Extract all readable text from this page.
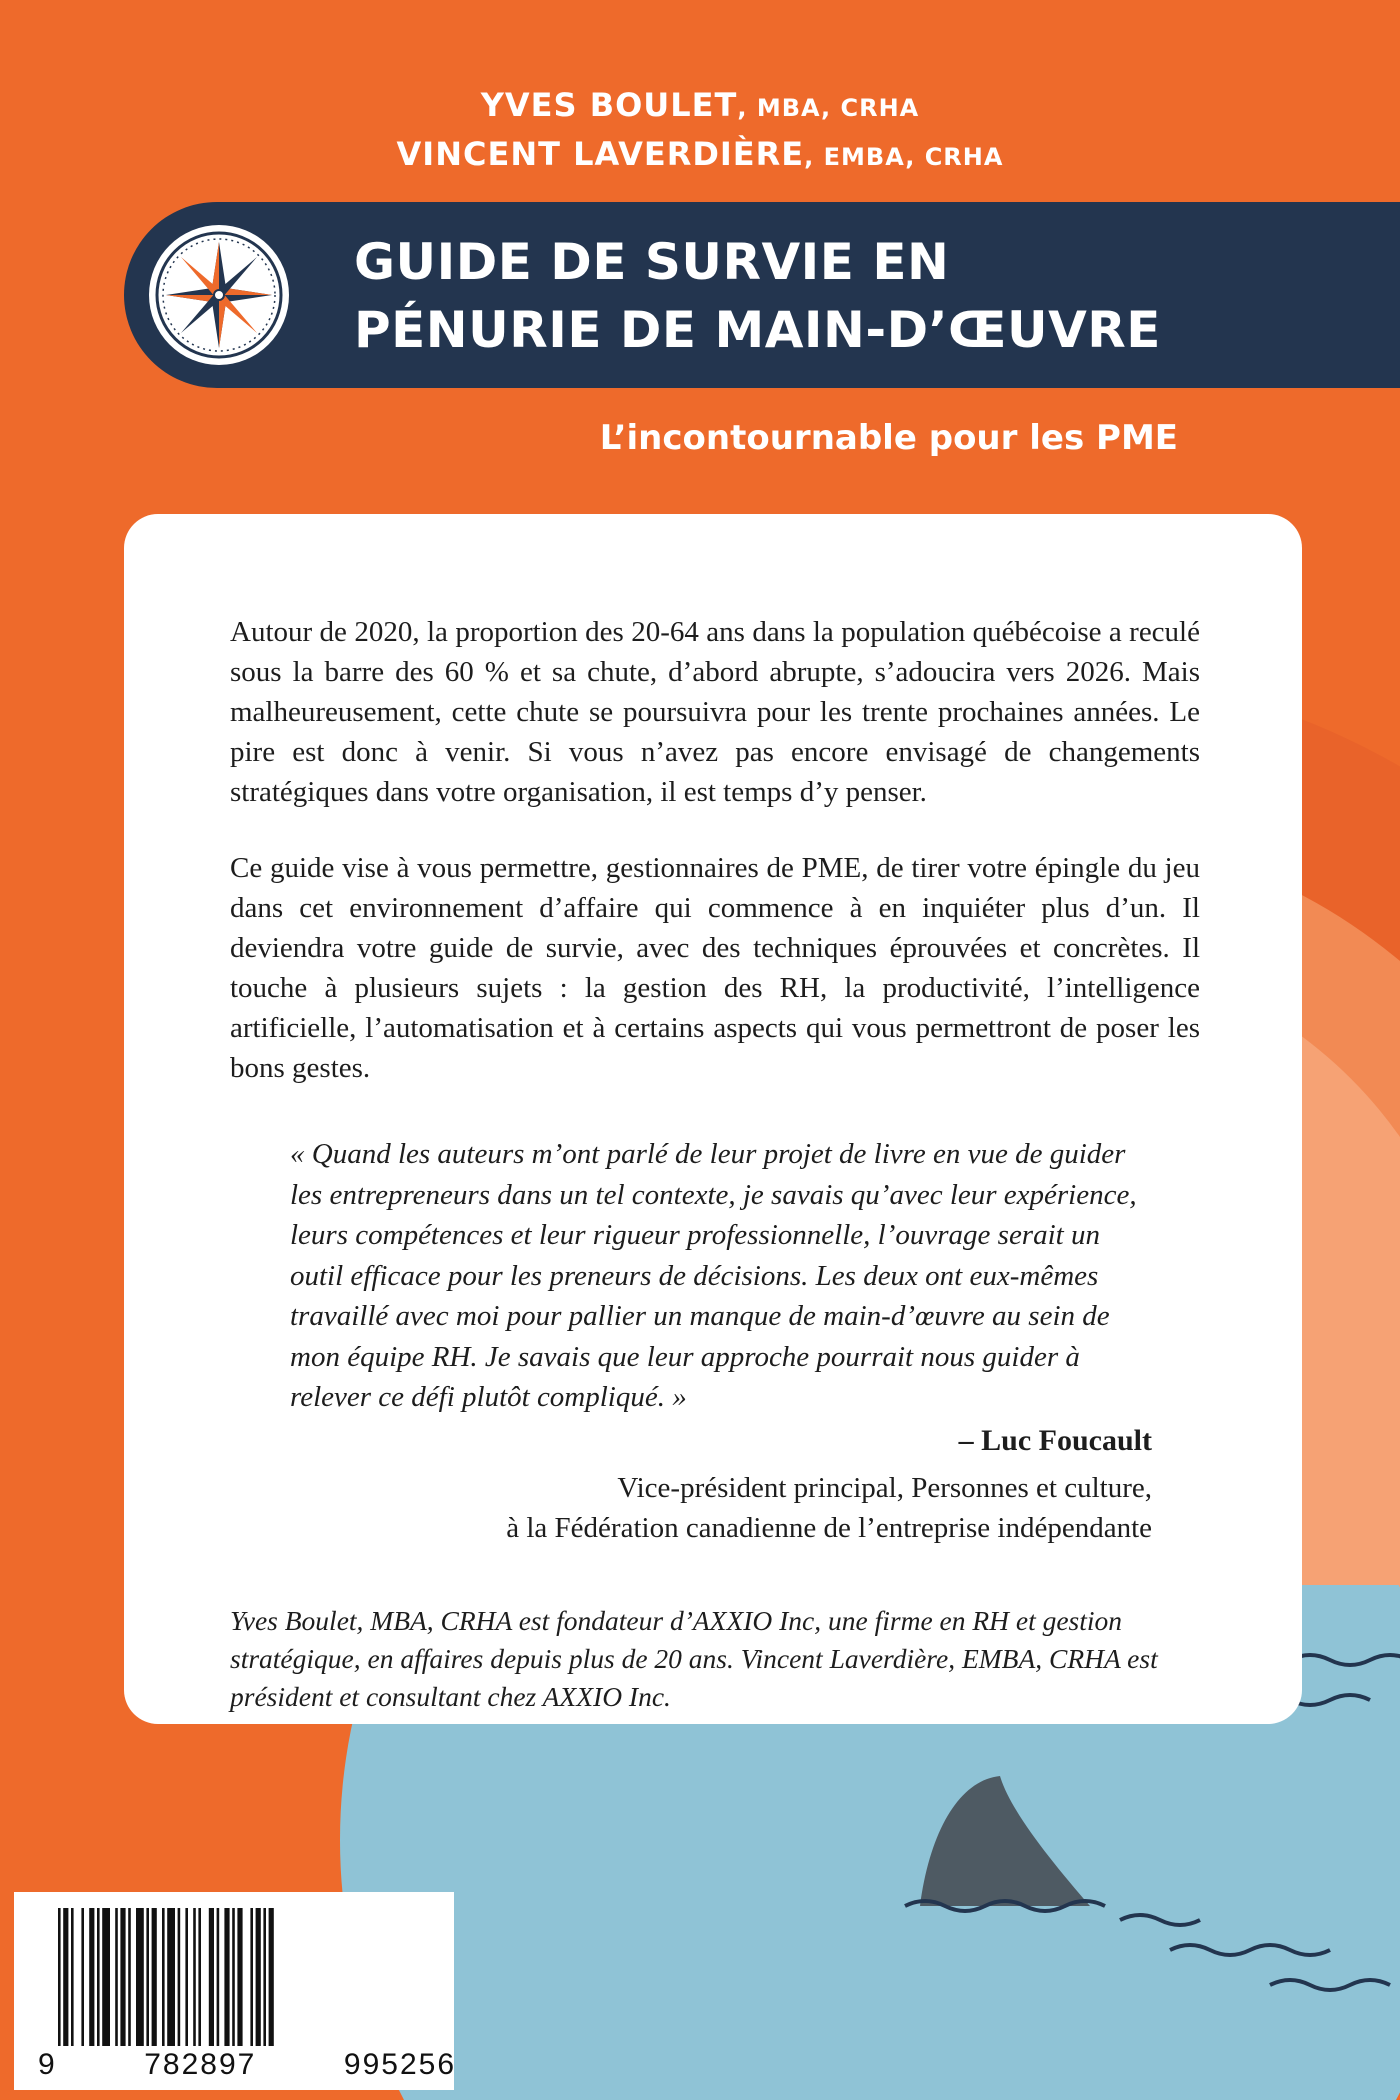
YVES BOULET, MBA, CRHA
VINCENT LAVERDIÈRE, EMBA, CRHA
GUIDE DE SURVIE EN
PÉNURIE DE MAIN-D’ŒUVRE
L’incontournable pour les PME
Autour de 2020, la proportion des 20-64 ans dans la population québécoise a reculé sous la barre des 60 % et sa chute, d’abord abrupte, s’adoucira vers 2026. Mais malheureusement, cette chute se poursuivra pour les trente prochaines années. Le pire est donc à venir. Si vous n’avez pas encore envisagé de changements stratégiques dans votre organisation, il est temps d’y penser.
Ce guide vise à vous permettre, gestionnaires de PME, de tirer votre épingle du jeu dans cet environnement d’affaire qui commence à en inquiéter plus d’un. Il deviendra votre guide de survie, avec des techniques éprouvées et concrètes. Il touche à plusieurs sujets : la gestion des RH, la productivité, l’intelligence artificielle, l’automatisation et à certains aspects qui vous permettront de poser les bons gestes.
« Quand les auteurs m’ont parlé de leur projet de livre en vue de guider les entrepreneurs dans un tel contexte, je savais qu’avec leur expérience, leurs compétences et leur rigueur professionnelle, l’ouvrage serait un outil efficace pour les preneurs de décisions. Les deux ont eux-mêmes travaillé avec moi pour pallier un manque de main-d’œuvre au sein de mon équipe RH. Je savais que leur approche pourrait nous guider à relever ce défi plutôt compliqué. »
– Luc Foucault
Vice-président principal, Personnes et culture,
à la Fédération canadienne de l’entreprise indépendante
Yves Boulet, MBA, CRHA est fondateur d’AXXIO Inc, une firme en RH et gestion stratégique, en affaires depuis plus de 20 ans. Vincent Laverdière, EMBA, CRHA est président et consultant chez AXXIO Inc.
9	782897	995256
